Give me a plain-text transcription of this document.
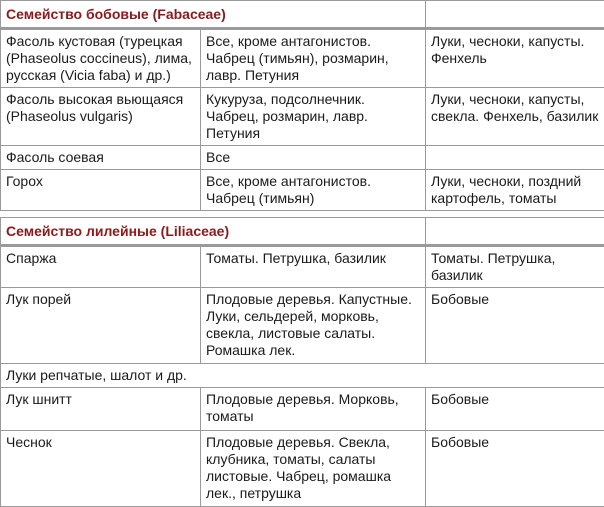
Семейство бобовые (Fabaceae)		
Фасоль кустовая (турецкая (Phaseolus coccineus), лима, русская (Vicia faba) и др.)	Все, кроме антагонистов. Чабрец (тимьян), розмарин, лавр. Петуния	Луки, чесноки, капусты. Фенхель
Фасоль высокая вьющаяся (Phaseolus vulgaris)	Кукуруза, подсолнечник. Чабрец, розмарин, лавр. Петуния	Луки, чесноки, капусты, свекла. Фенхель, базилик
Фасоль соевая	Все	
Горох	Все, кроме антагонистов. Чабрец (тимьян)	Луки, чесноки, поздний картофель, томаты

Семейство лилейные (Liliaceae)		
Спаржа	Томаты. Петрушка, базилик	Томаты. Петрушка, базилик
Лук порей	Плодовые деревья. Капустные. Луки, сельдерей, морковь, свекла, листовые салаты. Ромашка лек.	Бобовые
Луки репчатые, шалот и др.		
Лук шнитт	Плодовые деревья. Морковь, томаты	Бобовые
Чеснок	Плодовые деревья. Свекла, клубника, томаты, салаты листовые. Чабрец, ромашка лек., петрушка	Бобовые
